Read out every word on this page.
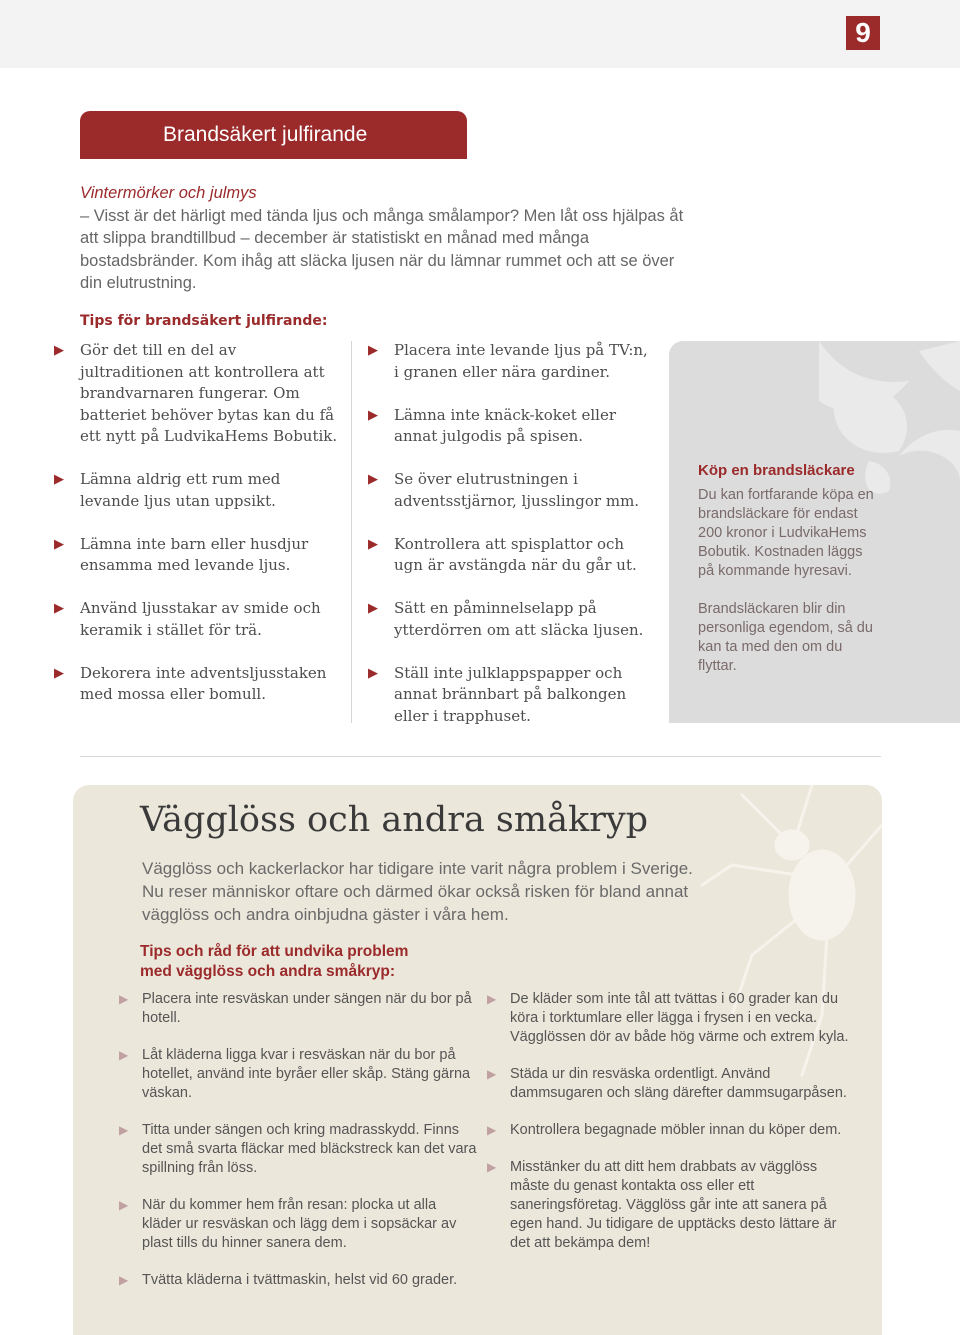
9
Brandsäkert julfirande
Vintermörker och julmys
– Visst är det härligt med tända ljus och många smålampor? Men låt oss hjälpas åt att slippa brandtillbud – december är statistiskt en månad med många bostadsbränder. Kom ihåg att släcka ljusen när du lämnar rummet och att se över din elutrustning.
Tips för brandsäkert julfirande:
▶ Gör det till en del av jultraditionen att kontrollera att brandvarnaren fungerar. Om batteriet behöver bytas kan du få ett nytt på LudvikaHems Bobutik.
▶ Lämna aldrig ett rum med levande ljus utan uppsikt.
▶ Lämna inte barn eller husdjur ensamma med levande ljus.
▶ Använd ljusstakar av smide och keramik i stället för trä.
▶ Dekorera inte adventsljusstaken med mossa eller bomull.
▶ Placera inte levande ljus på TV:n, i granen eller nära gardiner.
▶ Lämna inte knäck-koket eller annat julgodis på spisen.
▶ Se över elutrustningen i adventsstjärnor, ljusslingor mm.
▶ Kontrollera att spisplattor och ugn är avstängda när du går ut.
▶ Sätt en påminnelselapp på ytterdörren om att släcka ljusen.
▶ Ställ inte julklappspapper och annat brännbart på balkongen eller i trapphuset.
Köp en brandsläckare

Du kan fortfarande köpa en brandsläckare för endast 200 kronor i LudvikaHems Bobutik. Kostnaden läggs på kommande hyresavi.

Brandsläckaren blir din personliga egendom, så du kan ta med den om du flyttar.

Vägglöss och andra småkryp
Vägglöss och kackerlackor har tidigare inte varit några problem i Sverige. Nu reser människor oftare och därmed ökar också risken för bland annat vägglöss och andra oinbjudna gäster i våra hem.
Tips och råd för att undvika problem
med vägglöss och andra småkryp:
▶ Placera inte resväskan under sängen när du bor på hotell.
▶ Låt kläderna ligga kvar i resväskan när du bor på hotellet, använd inte byråer eller skåp. Stäng gärna väskan.
▶ Titta under sängen och kring madrasskydd. Finns det små svarta fläckar med bläckstreck kan det vara spillning från löss.
▶ När du kommer hem från resan: plocka ut alla kläder ur resväskan och lägg dem i sopsäckar av plast tills du hinner sanera dem.
▶ Tvätta kläderna i tvättmaskin, helst vid 60 grader.
▶ De kläder som inte tål att tvättas i 60 grader kan du köra i torktumlare eller lägga i frysen i en vecka. Vägglössen dör av både hög värme och extrem kyla.
▶ Städa ur din resväska ordentligt. Använd dammsugaren och släng därefter dammsugarpåsen.
▶ Kontrollera begagnade möbler innan du köper dem.
▶ Misstänker du att ditt hem drabbats av vägglöss måste du genast kontakta oss eller ett saneringsföretag. Vägglöss går inte att sanera på egen hand. Ju tidigare de upptäcks desto lättare är det att bekämpa dem!
